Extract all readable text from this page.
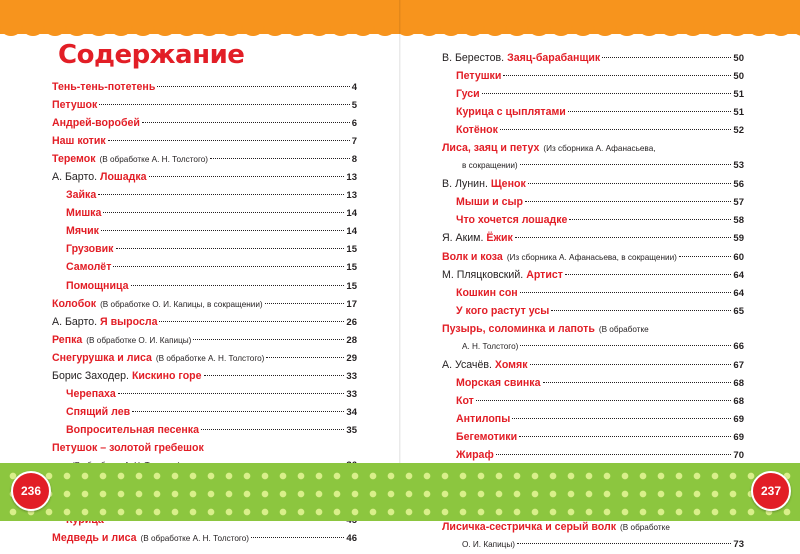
Содержание
Тень-тень-потетень	4
Петушок	5
Андрей-воробей	6
Наш котик	7
Теремок (В обработке А. Н. Толстого)	8
А. Барто. Лошадка	13
Зайка	13
Мишка	14
Мячик	14
Грузовик	15
Самолёт	15
Помощница	15
Колобок (В обработке О. И. Капицы, в сокращении)	17
А. Барто. Я выросла	26
Репка (В обработке О. И. Капицы)	28
Снегурушка и лиса (В обработке А. Н. Толстого)	29
Борис Заходер. Кискино горе	33
Черепаха	33
Спящий лев	34
Вопросительная песенка	35
Петушок – золотой гребешок
Медведь и лиса (В обработке А. Н. Толстого)	46
В. Берестов. Заяц-барабанщик	50
Петушки	50
Гуси	51
Курица с цыплятами	51
Котёнок	52
Лиса, заяц и петух (Из сборника А. Афанасьева,
в сокращении)	53
В. Лунин. Щенок	56
Мыши и сыр	57
Что хочется лошадке	58
Я. Аким. Ёжик	59
Волк и коза (Из сборника А. Афанасьева, в сокращении)	60
М. Пляцковский. Артист	64
Кошкин сон	64
У кого растут усы	65
Пузырь, соломинка и лапоть (В обработке
А. Н. Толстого)	66
А. Усачёв. Хомяк	67
Морская свинка	68
Кот	68
Антилопы	69
Бегемотики	69
Жираф	70
Лисичка-сестричка и серый волк (В обработке
О. И. Капицы)	73
236	237
